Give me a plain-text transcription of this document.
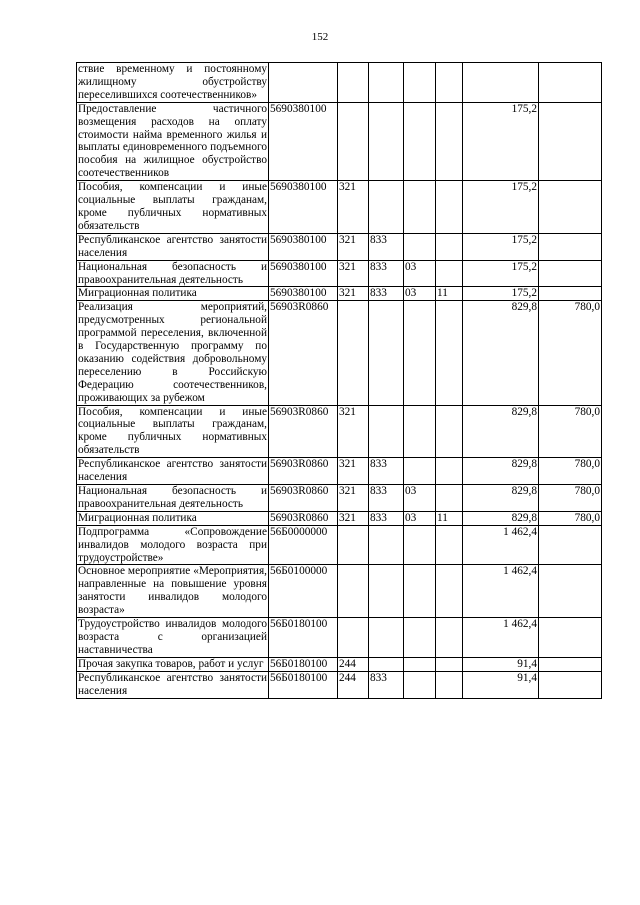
152
ствие временному и постоянному жилищному обустройству переселившихся соотечественников»							
Предоставление частичного возмещения расходов на оплату стоимости найма временного жилья и выплаты единовременного подъемного пособия на жилищное обустройство соотечественников	5690380100					175,2	
Пособия, компенсации и иные социальные выплаты гражданам, кроме публичных нормативных обязательств	5690380100	321				175,2	
Республиканское агентство занятости населения	5690380100	321	833			175,2	
Национальная безопасность и правоохранительная деятельность	5690380100	321	833	03		175,2	
Миграционная политика	5690380100	321	833	03	11	175,2	
Реализация мероприятий, предусмотренных региональной программой переселения, включенной в Государственную программу по оказанию содействия добровольному переселению в Российскую Федерацию соотечественников, проживающих за рубежом	56903R0860					829,8	780,0
Пособия, компенсации и иные социальные выплаты гражданам, кроме публичных нормативных обязательств	56903R0860	321				829,8	780,0
Республиканское агентство занятости населения	56903R0860	321	833			829,8	780,0
Национальная безопасность и правоохранительная деятельность	56903R0860	321	833	03		829,8	780,0
Миграционная политика	56903R0860	321	833	03	11	829,8	780,0
Подпрограмма «Сопровождение инвалидов молодого возраста при трудоустройстве»	56Б0000000					1 462,4	
Основное мероприятие «Мероприятия, направленные на повышение уровня занятости инвалидов молодого возраста»	56Б0100000					1 462,4	
Трудоустройство инвалидов молодого возраста с организацией наставничества	56Б0180100					1 462,4	
Прочая закупка товаров, работ и услуг	56Б0180100	244				91,4	
Республиканское агентство занятости населения	56Б0180100	244	833			91,4	
